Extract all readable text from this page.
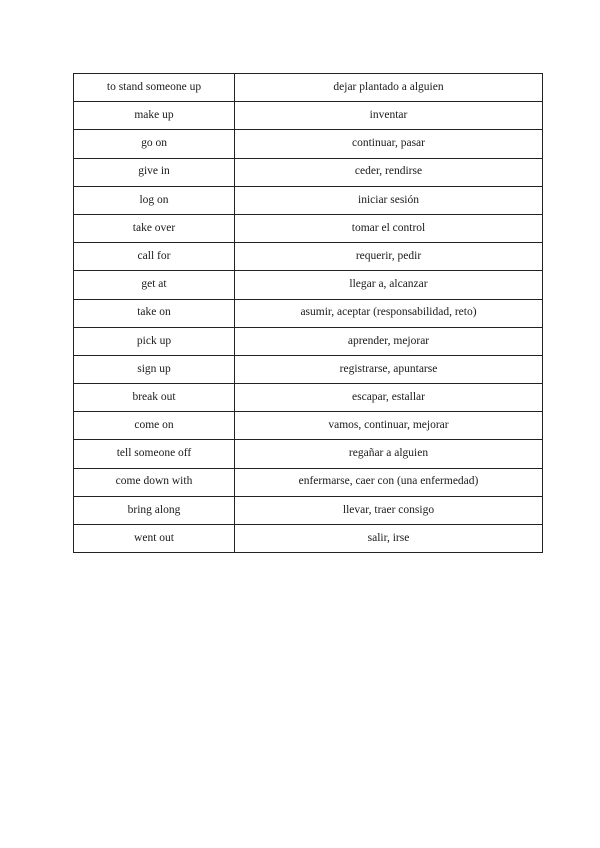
to stand someone up	dejar plantado a alguien
make up	inventar
go on	continuar, pasar
give in	ceder, rendirse
log on	iniciar sesión
take over	tomar el control
call for	requerir, pedir
get at	llegar a, alcanzar
take on	asumir, aceptar (responsabilidad, reto)
pick up	aprender, mejorar
sign up	registrarse, apuntarse
break out	escapar, estallar
come on	vamos, continuar, mejorar
tell someone off	regañar a alguien
come down with	enfermarse, caer con (una enfermedad)
bring along	llevar, traer consigo
went out	salir, irse
